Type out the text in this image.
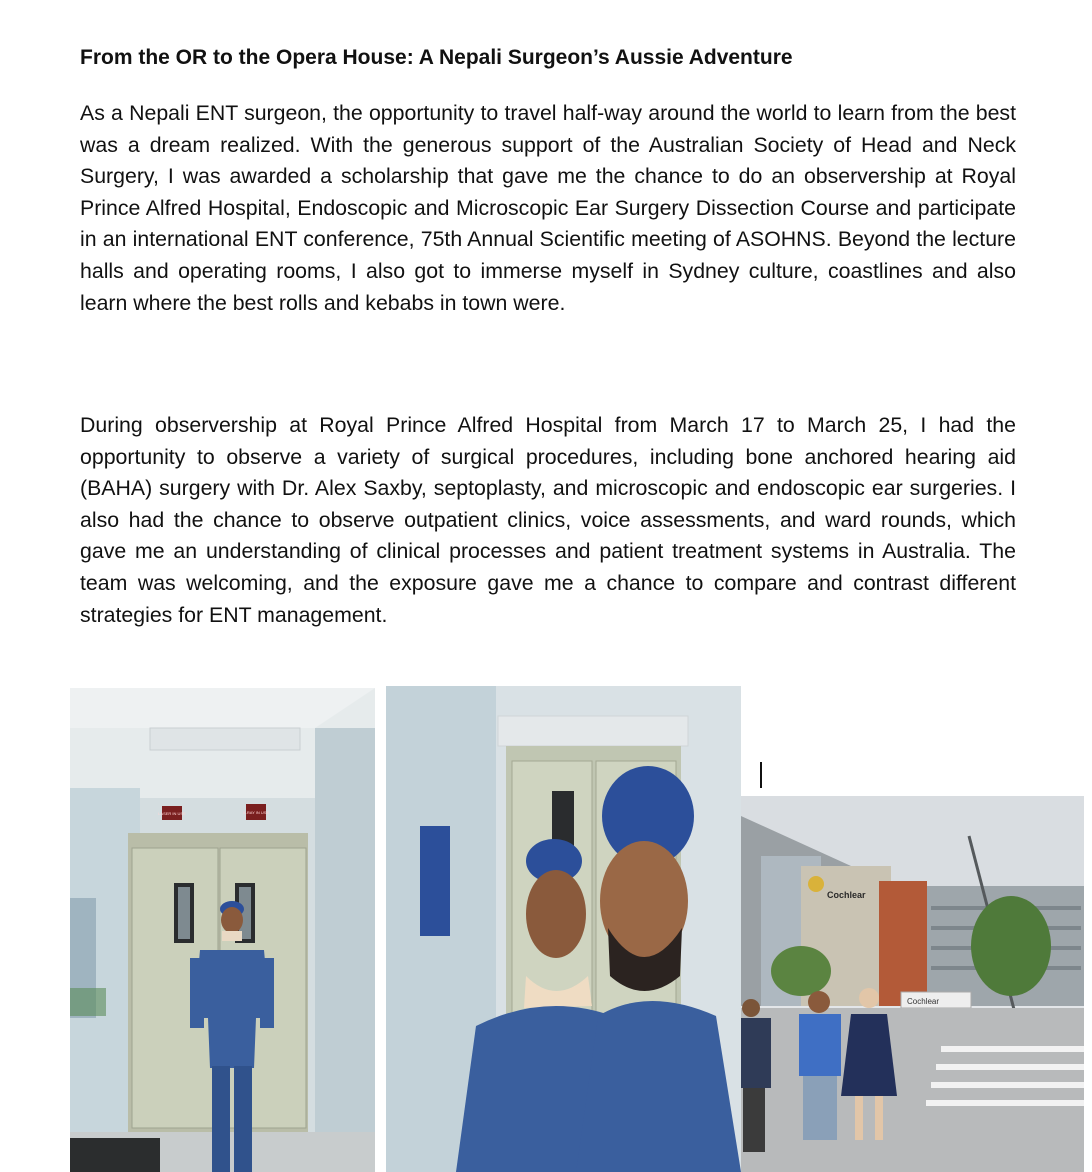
From the OR to the Opera House: A Nepali Surgeon’s Aussie Adventure

As a Nepali ENT surgeon, the opportunity to travel half-way around the world to learn from the best was a dream realized. With the generous support of the Australian Society of Head and Neck Surgery, I was awarded a scholarship that gave me the chance to do an observership at Royal Prince Alfred Hospital, Endoscopic and Microscopic Ear Surgery Dissection Course and participate in an international ENT conference, 75th Annual Scientific meeting of ASOHNS. Beyond the lecture halls and operating rooms, I also got to immerse myself in Sydney culture, coastlines and also learn where the best rolls and kebabs in town were.

During observership at Royal Prince Alfred Hospital from March 17 to March 25, I had the opportunity to observe a variety of surgical procedures, including bone anchored hearing aid (BAHA) surgery with Dr. Alex Saxby, septoplasty, and microscopic and endoscopic ear surgeries. I also had the chance to observe outpatient clinics, voice assessments, and ward rounds, which gave me an understanding of clinical processes and patient treatment systems in Australia. The team was welcoming, and the exposure gave me a chance to compare and contrast different strategies for ENT management.

LASER IN USE	X-RAY IN USE
Cochlear
Cochlear
